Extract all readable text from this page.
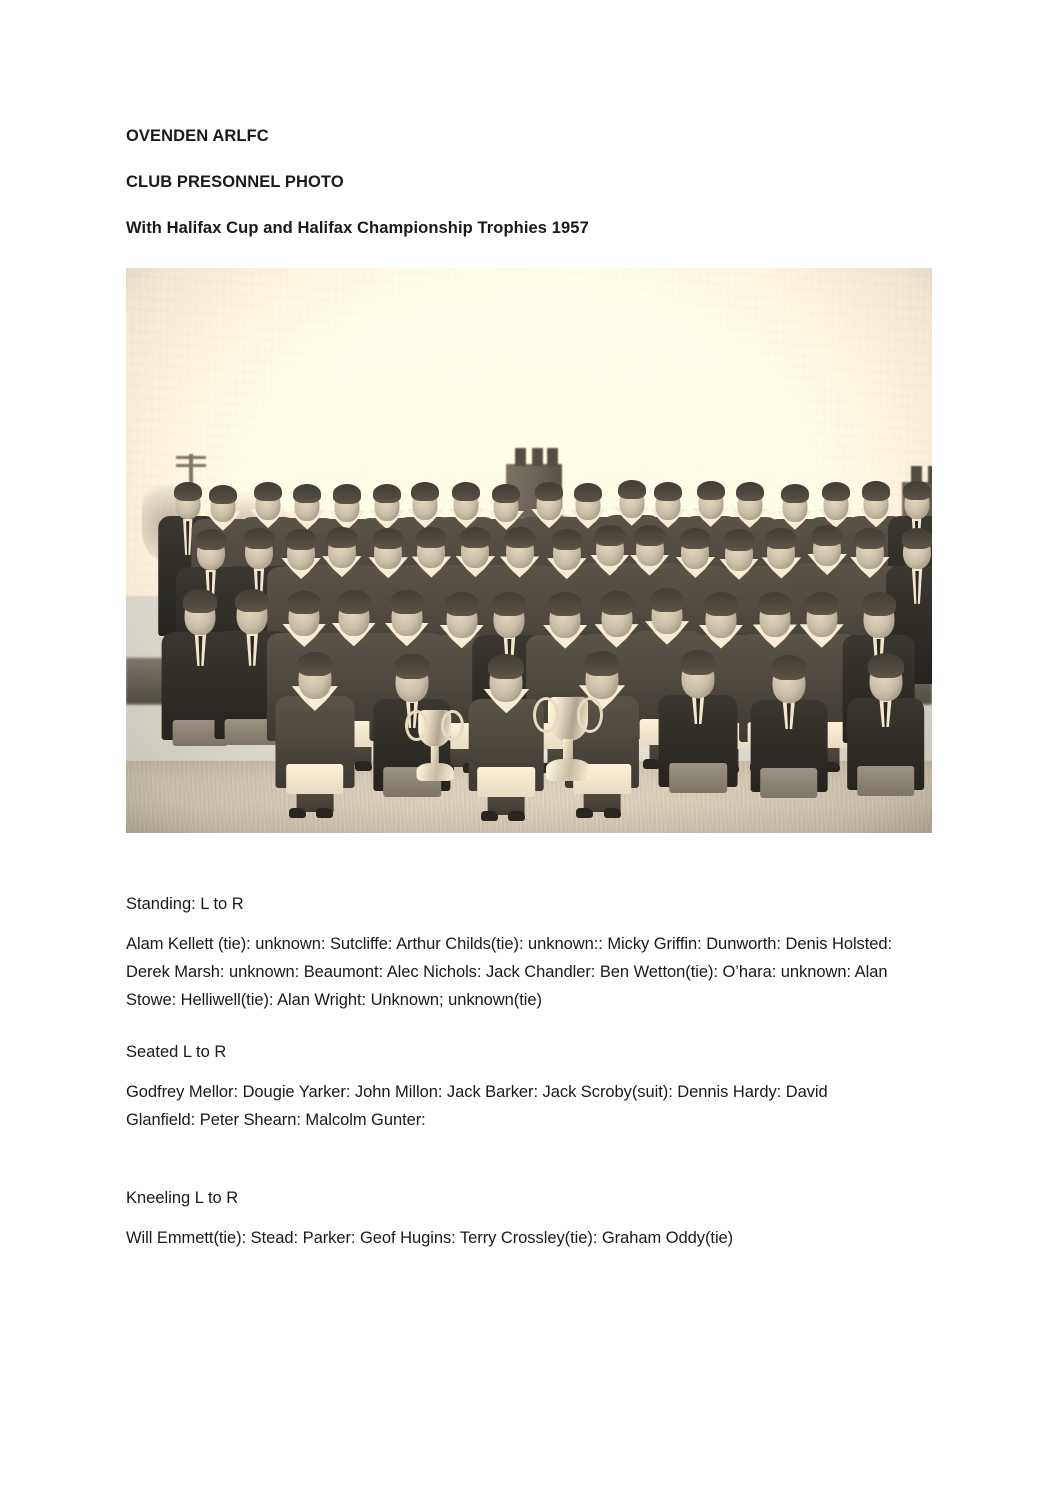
OVENDEN ARLFC
CLUB PRESONNEL PHOTO
With Halifax Cup and Halifax Championship Trophies 1957

Standing: L to R

Alam Kellett (tie): unknown: Sutcliffe: Arthur Childs(tie): unknown:: Micky Griffin: Dunworth: Denis Holsted: Derek Marsh: unknown: Beaumont: Alec Nichols: Jack Chandler: Ben Wetton(tie): O’hara: unknown: Alan Stowe: Helliwell(tie): Alan Wright: Unknown; unknown(tie)

Seated L to R

Godfrey Mellor: Dougie Yarker: John Millon: Jack Barker: Jack Scroby(suit): Dennis Hardy: David Glanfield: Peter Shearn: Malcolm Gunter:

Kneeling L to R

Will Emmett(tie): Stead: Parker: Geof Hugins: Terry Crossley(tie): Graham Oddy(tie)
